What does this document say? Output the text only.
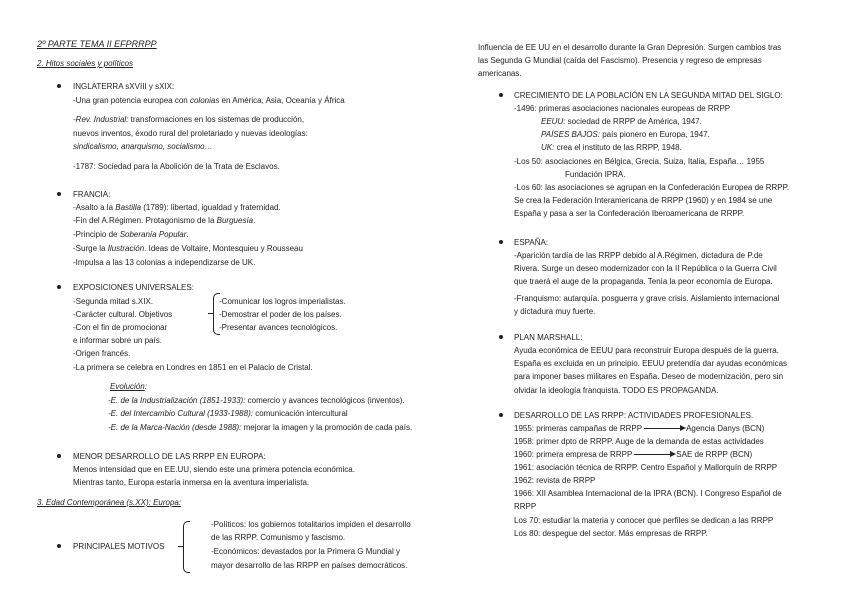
2º PARTE TEMA II EFPRRPP
2. Hitos sociales y políticos
INGLATERRA sXVIII y sXIX:
-Una gran potencia europea con colonias en América, Asia, Oceanía y África
-Rev. Industrial: transformaciones en los sistemas de producción,
nuevos inventos, éxodo rural del proletariado y nuevas ideologías:
sindicalismo, anarquismo, socialismo…
-1787: Sociedad para la Abolición de la Trata de Esclavos.
FRANCIA:
-Asalto a la Bastilla (1789): libertad, igualdad y fraternidad.
-Fin del A.Régimen. Protagonismo de la Burguesía.
-Principio de Soberanía Popular.
-Surge la Ilustración. Ideas de Voltaire, Montesquieu y Rousseau
-Impulsa a las 13 colonias a independizarse de UK.
EXPOSICIONES UNIVERSALES:
-Segunda mitad s.XIX.
-Carácter cultural. Objetivos
-Con el fin de promocionar
e informar sobre un país.
-Origen francés.
-La primera se celebra en Londres en 1851 en el Palacio de Cristal.
-Comunicar los logros imperialistas.
-Demostrar el poder de los países.
-Presentar avances tecnológicos.
Evolución:
-E. de la Industrialización (1851-1933): comercio y avances tecnológicos (inventos).
-E. del Intercambio Cultural (1933-1988): comunicación intercultural
-E. de la Marca-Nación (desde 1988): mejorar la imagen y la promoción de cada país.
MENOR DESARROLLO DE LAS RRPP EN EUROPA:
Menos intensidad que en EE.UU, siendo este una primera potencia económica.
Mientras tanto, Europa estaría inmersa en la aventura imperialista.
3. Edad Contemporánea (s.XX): Europa:
PRINCIPALES MOTIVOS
-Políticos: los gobiernos totalitarios impiden el desarrollo
de las RRPP. Comunismo y fascismo.
-Económicos: devastados por la Primera G Mundial y
mayor desarrollo de las RRPP en países democráticos.
Influencia de EE UU en el desarrollo durante la Gran Depresión. Surgen cambios tras
las Segunda G Mundial (caída del Fascismo). Presencia y regreso de empresas
americanas.
CRECIMIENTO DE LA POBLACIÓN EN LA SEGUNDA MITAD DEL SIGLO:
-1496: primeras asociaciones nacionales europeas de RRPP
EEUU: sociedad de RRPP de América, 1947.
PAÍSES BAJOS: país pionero en Europa, 1947.
UK: crea el instituto de las RRPP, 1948.
-Los 50: asociaciones en Bélgica, Grecia, Suiza, Italia, España… 1955
Fundación IPRA.
-Los 60: las asociaciones se agrupan en la Confederación Europea de RRPP.
Se crea la Federación Interamericana de RRPP (1960) y en 1984 se une
España y pasa a ser la Confederación Iberoamericana de RRPP.
ESPAÑA:
-Aparición tardía de las RRPP debido al A.Régimen, dictadura de P.de
Rivera. Surge un deseo modernizador con la II República o la Guerra Civil
que traerá el auge de la propaganda. Tenía la peor economía de Europa.
-Franquismo: autarquía. posguerra y grave crisis. Aislamiento internacional
y dictadura muy fuerte.
PLAN MARSHALL:
Ayuda económica de EEUU para reconstruir Europa después de la guerra.
España es excluida en un principio. EEUU pretendía dar ayudas económicas
para imponer bases militares en España. Deseo de modernización, pero sin
olvidar la ideología franquista. TODO ES PROPAGANDA.
DESARROLLO DE LAS RRPP: ACTIVIDADES PROFESIONALES.
1955: primeras campañas de RRPP	Agencia Danys (BCN)
1958: primer dpto de RRPP. Auge de la demanda de estas actividades
1960: primera empresa de RRPP	SAE de RRPP (BCN)
1961: asociación técnica de RRPP. Centro Español y Mallorquín de RRPP
1962: revista de RRPP
1966: XII Asamblea Internacional de la IPRA (BCN). I Congreso Español de
RRPP
Los 70: estudiar la materia y conocer que perfiles se dedican a las RRPP
Los 80: despegue del sector. Más empresas de RRPP.
